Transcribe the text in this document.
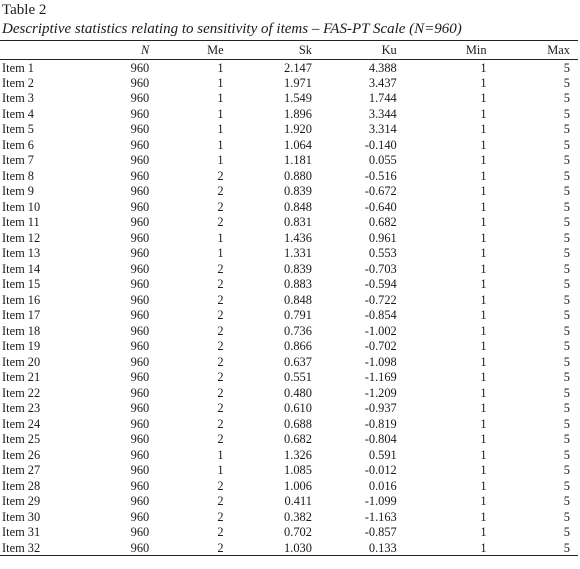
Table 2
Descriptive statistics relating to sensitivity of items – FAS-PT Scale (N=960)
	N	Me	Sk	Ku	Min	Max
Item 1	960	1	2.147	4.388	1	5
Item 2	960	1	1.971	3.437	1	5
Item 3	960	1	1.549	1.744	1	5
Item 4	960	1	1.896	3.344	1	5
Item 5	960	1	1.920	3.314	1	5
Item 6	960	1	1.064	-0.140	1	5
Item 7	960	1	1.181	0.055	1	5
Item 8	960	2	0.880	-0.516	1	5
Item 9	960	2	0.839	-0.672	1	5
Item 10	960	2	0.848	-0.640	1	5
Item 11	960	2	0.831	0.682	1	5
Item 12	960	1	1.436	0.961	1	5
Item 13	960	1	1.331	0.553	1	5
Item 14	960	2	0.839	-0.703	1	5
Item 15	960	2	0.883	-0.594	1	5
Item 16	960	2	0.848	-0.722	1	5
Item 17	960	2	0.791	-0.854	1	5
Item 18	960	2	0.736	-1.002	1	5
Item 19	960	2	0.866	-0.702	1	5
Item 20	960	2	0.637	-1.098	1	5
Item 21	960	2	0.551	-1.169	1	5
Item 22	960	2	0.480	-1.209	1	5
Item 23	960	2	0.610	-0.937	1	5
Item 24	960	2	0.688	-0.819	1	5
Item 25	960	2	0.682	-0.804	1	5
Item 26	960	1	1.326	0.591	1	5
Item 27	960	1	1.085	-0.012	1	5
Item 28	960	2	1.006	0.016	1	5
Item 29	960	2	0.411	-1.099	1	5
Item 30	960	2	0.382	-1.163	1	5
Item 31	960	2	0.702	-0.857	1	5
Item 32	960	2	1.030	0.133	1	5
